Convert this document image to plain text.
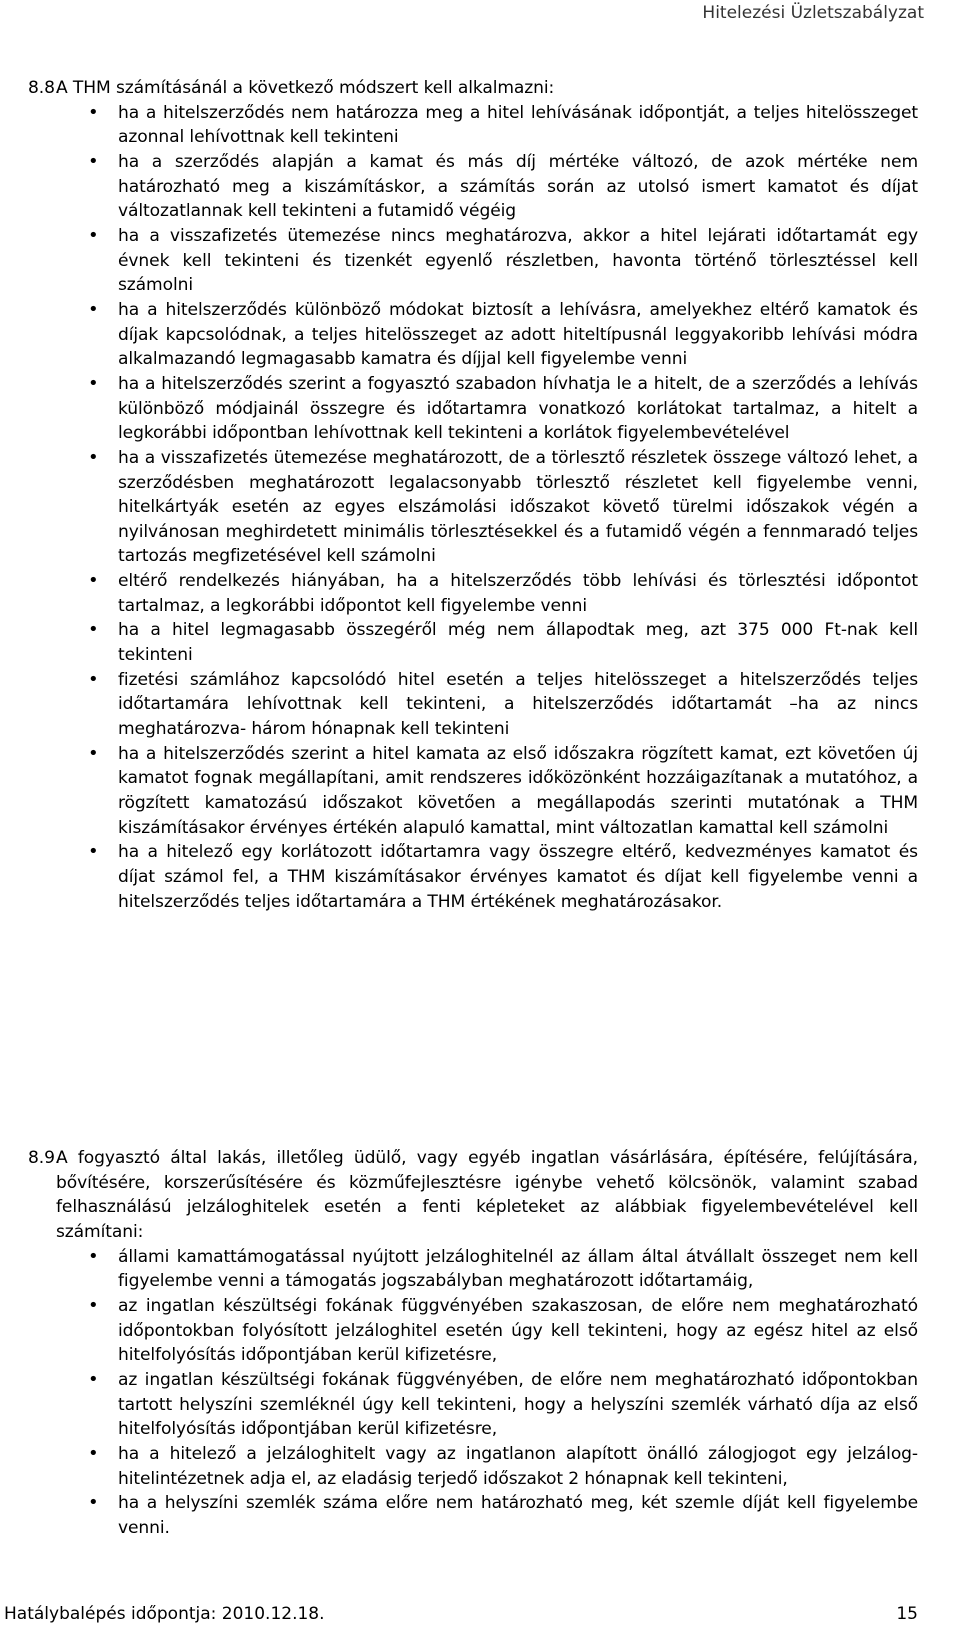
Hitelezési Üzletszabályzat
8.8.
A THM számításánál a következő módszert kell alkalmazni:
• ha a hitelszerződés nem határozza meg a hitel lehívásának időpontját, a teljes hitelösszeget azonnal lehívottnak kell tekinteni
• ha a szerződés alapján a kamat és más díj mértéke változó, de azok mértéke nem határozható meg a kiszámításkor, a számítás során az utolsó ismert kamatot és díjat változatlannak kell tekinteni a futamidő végéig
• ha a visszafizetés ütemezése nincs meghatározva, akkor a hitel lejárati időtartamát egy évnek kell tekinteni és tizenkét egyenlő részletben, havonta történő törlesztéssel kell számolni
• ha a hitelszerződés különböző módokat biztosít a lehívásra, amelyekhez eltérő kamatok és díjak kapcsolódnak, a teljes hitelösszeget az adott hiteltípusnál leggyakoribb lehívási módra alkalmazandó legmagasabb kamatra és díjjal kell figyelembe venni
• ha a hitelszerződés szerint a fogyasztó szabadon hívhatja le a hitelt, de a szerződés a lehívás különböző módjainál összegre és időtartamra vonatkozó korlátokat tartalmaz, a hitelt a legkorábbi időpontban lehívottnak kell tekinteni a korlátok figyelembevételével
• ha a visszafizetés ütemezése meghatározott, de a törlesztő részletek összege változó lehet, a szerződésben meghatározott legalacsonyabb törlesztő részletet kell figyelembe venni, hitelkártyák esetén az egyes elszámolási időszakot követő türelmi időszakok végén a nyilvánosan meghirdetett minimális törlesztésekkel és a futamidő végén a fennmaradó teljes tartozás megfizetésével kell számolni
• eltérő rendelkezés hiányában, ha a hitelszerződés több lehívási és törlesztési időpontot tartalmaz, a legkorábbi időpontot kell figyelembe venni
• ha a hitel legmagasabb összegéről még nem állapodtak meg, azt 375 000 Ft-nak kell tekinteni
• fizetési számlához kapcsolódó hitel esetén a teljes hitelösszeget a hitelszerződés teljes időtartamára lehívottnak kell tekinteni, a hitelszerződés időtartamát –ha az nincs meghatározva- három hónapnak kell tekinteni
• ha a hitelszerződés szerint a hitel kamata az első időszakra rögzített kamat, ezt követően új kamatot fognak megállapítani, amit rendszeres időközönként hozzáigazítanak a mutatóhoz, a rögzített kamatozású időszakot követően a megállapodás szerinti mutatónak a THM kiszámításakor érvényes értékén alapuló kamattal, mint változatlan kamattal kell számolni
• ha a hitelező egy korlátozott időtartamra vagy összegre eltérő, kedvezményes kamatot és díjat számol fel, a THM kiszámításakor érvényes kamatot és díjat kell figyelembe venni a hitelszerződés teljes időtartamára a THM értékének meghatározásakor.
8.9.
A fogyasztó által lakás, illetőleg üdülő, vagy egyéb ingatlan vásárlására, építésére, felújítására, bővítésére, korszerűsítésére és közműfejlesztésre igénybe vehető kölcsönök, valamint szabad felhasználású jelzáloghitelek esetén a fenti képleteket az alábbiak figyelembevételével kell számítani:
• állami kamattámogatással nyújtott jelzáloghitelnél az állam által átvállalt összeget nem kell figyelembe venni a támogatás jogszabályban meghatározott időtartamáig,
• az ingatlan készültségi fokának függvényében szakaszosan, de előre nem meghatározható időpontokban folyósított jelzáloghitel esetén úgy kell tekinteni, hogy az egész hitel az első hitelfolyósítás időpontjában kerül kifizetésre,
• az ingatlan készültségi fokának függvényében, de előre nem meghatározható időpontokban tartott helyszíni szemléknél úgy kell tekinteni, hogy a helyszíni szemlék várható díja az első hitelfolyósítás időpontjában kerül kifizetésre,
• ha a hitelező a jelzáloghitelt vagy az ingatlanon alapított önálló zálogjogot egy jelzálog- hitelintézetnek adja el, az eladásig terjedő időszakot 2 hónapnak kell tekinteni,
• ha a helyszíni szemlék száma előre nem határozható meg, két szemle díját kell figyelembe venni.
Hatálybalépés időpontja: 2010.12.18.	15
